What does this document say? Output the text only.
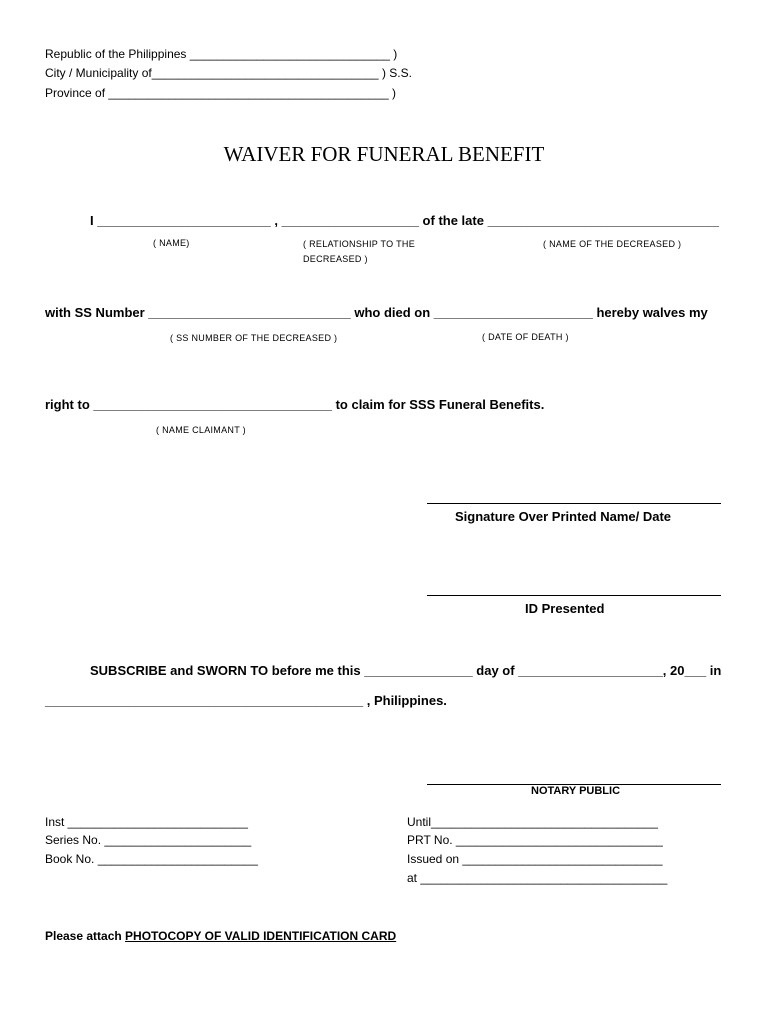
Republic of the Philippines ______________________________ )
City / Municipality of__________________________________ ) S.S.
Province of __________________________________________ )
WAIVER FOR FUNERAL BENEFIT
I ________________________ , ___________________ of the late ________________________________
( NAME)	( RELATIONSHIP TO THE
DECREASED )
( NAME OF THE DECREASED )
with SS Number ____________________________ who died on ______________________ hereby walves my
( SS NUMBER OF THE DECREASED )	( DATE OF DEATH )
right to _________________________________ to claim for SSS Funeral Benefits.
( NAME CLAIMANT )
Signature Over Printed Name/ Date
ID Presented
SUBSCRIBE and SWORN TO before me this _______________ day of ____________________, 20___ in
____________________________________________ , Philippines.
NOTARY PUBLIC
Inst ___________________________
Series No. ______________________
Book No. ________________________
Until__________________________________
PRT No. _______________________________
Issued on ______________________________
at _____________________________________
Please attach PHOTOCOPY OF VALID IDENTIFICATION CARD
